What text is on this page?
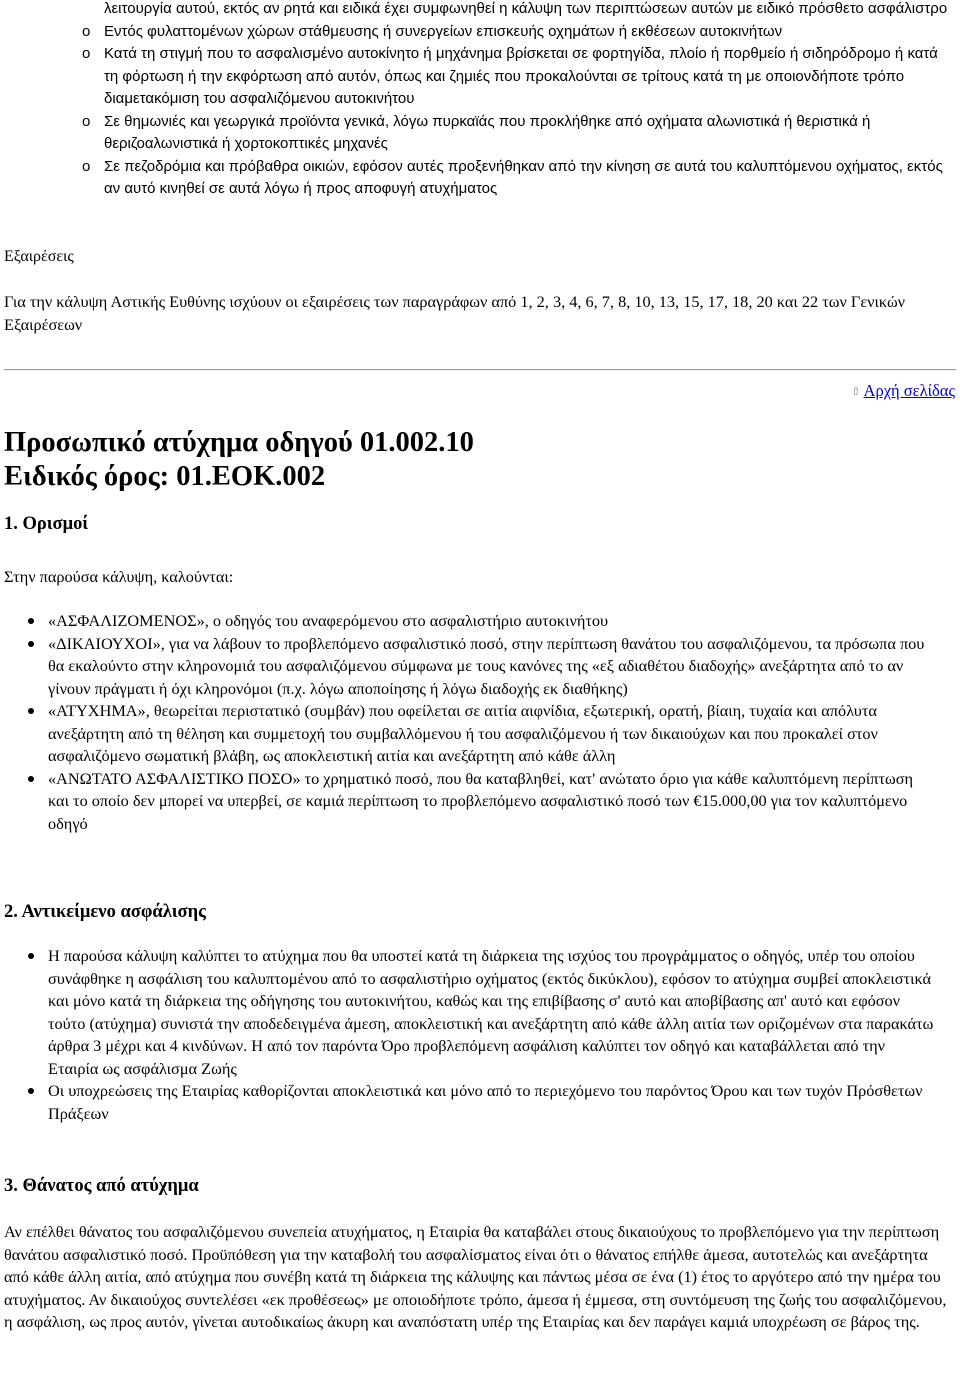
λειτουργία αυτού, εκτός αν ρητά και ειδικά έχει συμφωνηθεί η κάλυψη των περιπτώσεων αυτών με ειδικό πρόσθετο ασφάλιστρο
o Εντός φυλαττομένων χώρων στάθμευσης ή συνεργείων επισκευής οχημάτων ή εκθέσεων αυτοκινήτων
o Κατά τη στιγμή που το ασφαλισμένο αυτοκίνητο ή μηχάνημα βρίσκεται σε φορτηγίδα, πλοίο ή πορθμείο ή σιδηρόδρομο ή κατά τη φόρτωση ή την εκφόρτωση από αυτόν, όπως και ζημιές που προκαλούνται σε τρίτους κατά τη με οποιονδήποτε τρόπο διαμετακόμιση του ασφαλιζόμενου αυτοκινήτου
o Σε θημωνιές και γεωργικά προϊόντα γενικά, λόγω πυρκαϊάς που προκλήθηκε από οχήματα αλωνιστικά ή θεριστικά ή θεριζοαλωνιστικά ή χορτοκοπτικές μηχανές
o Σε πεζοδρόμια και πρόβαθρα οικιών, εφόσον αυτές προξενήθηκαν από την κίνηση σε αυτά του καλυπτόμενου οχήματος, εκτός αν αυτό κινηθεί σε αυτά λόγω ή προς αποφυγή ατυχήματος

Εξαιρέσεις

Για την κάλυψη Αστικής Ευθύνης ισχύουν οι εξαιρέσεις των παραγράφων από 1, 2, 3, 4, 6, 7, 8, 10, 13, 15, 17, 18, 20 και 22 των Γενικών Εξαιρέσεων

⇧ Αρχή σελίδας
Προσωπικό ατύχημα οδηγού 01.002.10
Ειδικός όρος: 01.ΕΟΚ.002
1. Ορισμοί

Στην παρούσα κάλυψη, καλούνται:

«ΑΣΦΑΛΙΖΟΜΕΝΟΣ», ο οδηγός του αναφερόμενου στο ασφαλιστήριο αυτοκινήτου
«ΔΙΚΑΙΟΥΧΟΙ», για να λάβουν το προβλεπόμενο ασφαλιστικό ποσό, στην περίπτωση θανάτου του ασφαλιζόμενου, τα πρόσωπα που θα εκαλούντο στην κληρονομιά του ασφαλιζόμενου σύμφωνα με τους κανόνες της «εξ αδιαθέτου διαδοχής» ανεξάρτητα από το αν γίνουν πράγματι ή όχι κληρονόμοι (π.χ. λόγω αποποίησης ή λόγω διαδοχής εκ διαθήκης)
«ΑΤΥΧΗΜΑ», θεωρείται περιστατικό (συμβάν) που οφείλεται σε αιτία αιφνίδια, εξωτερική, ορατή, βίαιη, τυχαία και απόλυτα ανεξάρτητη από τη θέληση και συμμετοχή του συμβαλλόμενου ή του ασφαλιζόμενου ή των δικαιούχων και που προκαλεί στον ασφαλιζόμενο σωματική βλάβη, ως αποκλειστική αιτία και ανεξάρτητη από κάθε άλλη
«ΑΝΩΤΑΤΟ ΑΣΦΑΛΙΣΤΙΚΟ ΠΟΣΟ» το χρηματικό ποσό, που θα καταβληθεί, κατ' ανώτατο όριο για κάθε καλυπτόμενη περίπτωση και το οποίο δεν μπορεί να υπερβεί, σε καμιά περίπτωση το προβλεπόμενο ασφαλιστικό ποσό των €15.000,00 για τον καλυπτόμενο οδηγό
2. Αντικείμενο ασφάλισης
Η παρούσα κάλυψη καλύπτει το ατύχημα που θα υποστεί κατά τη διάρκεια της ισχύος του προγράμματος ο οδηγός, υπέρ του οποίου συνάφθηκε η ασφάλιση του καλυπτομένου από το ασφαλιστήριο οχήματος (εκτός δικύκλου), εφόσον το ατύχημα συμβεί αποκλειστικά και μόνο κατά τη διάρκεια της οδήγησης του αυτοκινήτου, καθώς και της επιβίβασης σ' αυτό και αποβίβασης απ' αυτό και εφόσον τούτο (ατύχημα) συνιστά την αποδεδειγμένα άμεση, αποκλειστική και ανεξάρτητη από κάθε άλλη αιτία των οριζομένων στα παρακάτω άρθρα 3 μέχρι και 4 κινδύνων. Η από τον παρόντα Όρο προβλεπόμενη ασφάλιση καλύπτει τον οδηγό και καταβάλλεται από την Εταιρία ως ασφάλισμα Ζωής
Οι υποχρεώσεις της Εταιρίας καθορίζονται αποκλειστικά και μόνο από το περιεχόμενο του παρόντος Όρου και των τυχόν Πρόσθετων Πράξεων
3. Θάνατος από ατύχημα

Αν επέλθει θάνατος του ασφαλιζόμενου συνεπεία ατυχήματος, η Εταιρία θα καταβάλει στους δικαιούχους το προβλεπόμενο για την περίπτωση θανάτου ασφαλιστικό ποσό. Προϋπόθεση για την καταβολή του ασφαλίσματος είναι ότι ο θάνατος επήλθε άμεσα, αυτοτελώς και ανεξάρτητα από κάθε άλλη αιτία, από ατύχημα που συνέβη κατά τη διάρκεια της κάλυψης και πάντως μέσα σε ένα (1) έτος το αργότερο από την ημέρα του ατυχήματος. Αν δικαιούχος συντελέσει «εκ προθέσεως» με οποιοδήποτε τρόπο, άμεσα ή έμμεσα, στη συντόμευση της ζωής του ασφαλιζόμενου, η ασφάλιση, ως προς αυτόν, γίνεται αυτοδικαίως άκυρη και αναπόστατη υπέρ της Εταιρίας και δεν παράγει καμιά υποχρέωση σε βάρος της.
